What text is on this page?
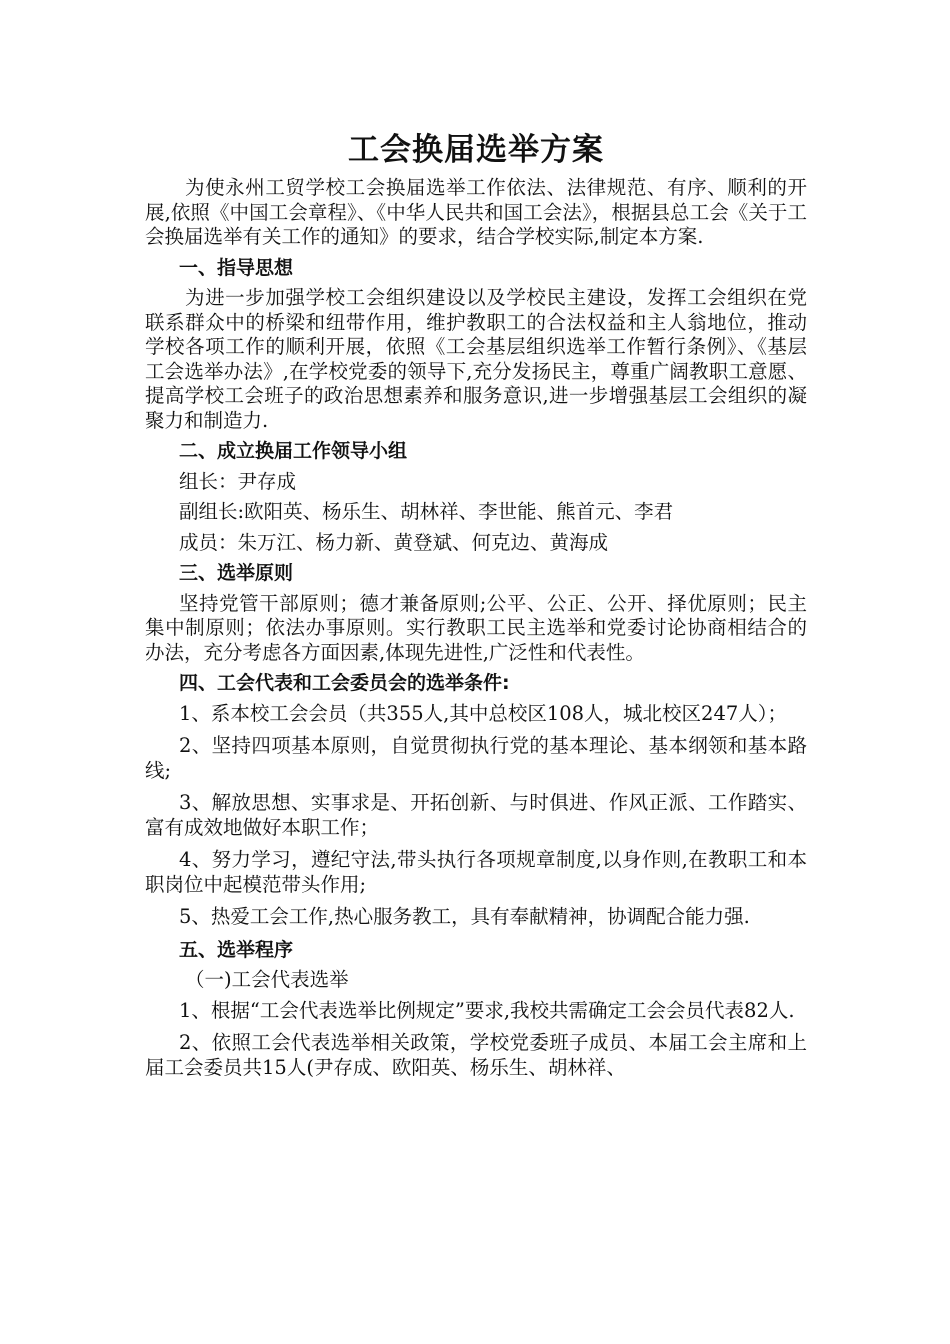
工会换届选举方案

为使永州工贸学校工会换届选举工作依法、法律规范、有序、顺利的开展,依照《中国工会章程》、《中华人民共和国工会法》，根据县总工会《关于工会换届选举有关工作的通知》的要求，结合学校实际,制定本方案.

一、指导思想

为进一步加强学校工会组织建设以及学校民主建设，发挥工会组织在党联系群众中的桥梁和纽带作用，维护教职工的合法权益和主人翁地位，推动学校各项工作的顺利开展，依照《工会基层组织选举工作暂行条例》、《基层工会选举办法》,在学校党委的领导下,充分发扬民主，尊重广阔教职工意愿、提高学校工会班子的政治思想素养和服务意识,进一步增强基层工会组织的凝聚力和制造力.

二、成立换届工作领导小组
组长：尹存成
副组长:欧阳英、杨乐生、胡林祥、李世能、熊首元、李君
成员：朱万江、杨力新、黄登斌、何克边、黄海成
三、选举原则

坚持党管干部原则；德才兼备原则;公平、公正、公开、择优原则；民主集中制原则；依法办事原则。实行教职工民主选举和党委讨论协商相结合的办法，充分考虑各方面因素,体现先进性,广泛性和代表性。

四、工会代表和工会委员会的选举条件:

1、系本校工会会员（共355人,其中总校区108人，城北校区247人）；

2、坚持四项基本原则，自觉贯彻执行党的基本理论、基本纲领和基本路线;

3、解放思想、实事求是、开拓创新、与时俱进、作风正派、工作踏实、富有成效地做好本职工作；

4、努力学习，遵纪守法,带头执行各项规章制度,以身作则,在教职工和本职岗位中起模范带头作用;

5、热爱工会工作,热心服务教工，具有奉献精神，协调配合能力强.

五、选举程序
（一)工会代表选举

1、根据“工会代表选举比例规定”要求,我校共需确定工会会员代表82人.

2、依照工会代表选举相关政策，学校党委班子成员、本届工会主席和上届工会委员共15人(尹存成、欧阳英、杨乐生、胡林祥、
